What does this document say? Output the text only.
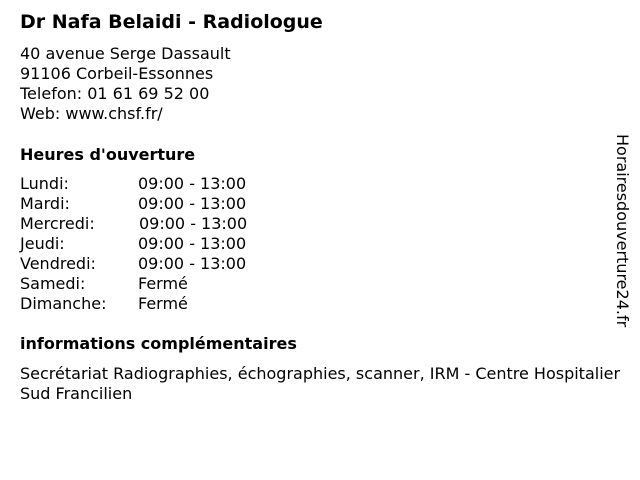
Dr Nafa Belaidi - Radiologue
40 avenue Serge Dassault
91106 Corbeil-Essonnes
Telefon: 01 61 69 52 00
Web: www.chsf.fr/
Heures d'ouverture
Lundi:	09:00 - 13:00
Mardi:	09:00 - 13:00
Mercredi:	09:00 - 13:00
Jeudi:	09:00 - 13:00
Vendredi:	09:00 - 13:00
Samedi:	Fermé
Dimanche: Fermé
informations complémentaires
Secrétariat Radiographies, échographies, scanner, IRM - Centre Hospitalier Sud Francilien
Horairesdouverture24.fr
